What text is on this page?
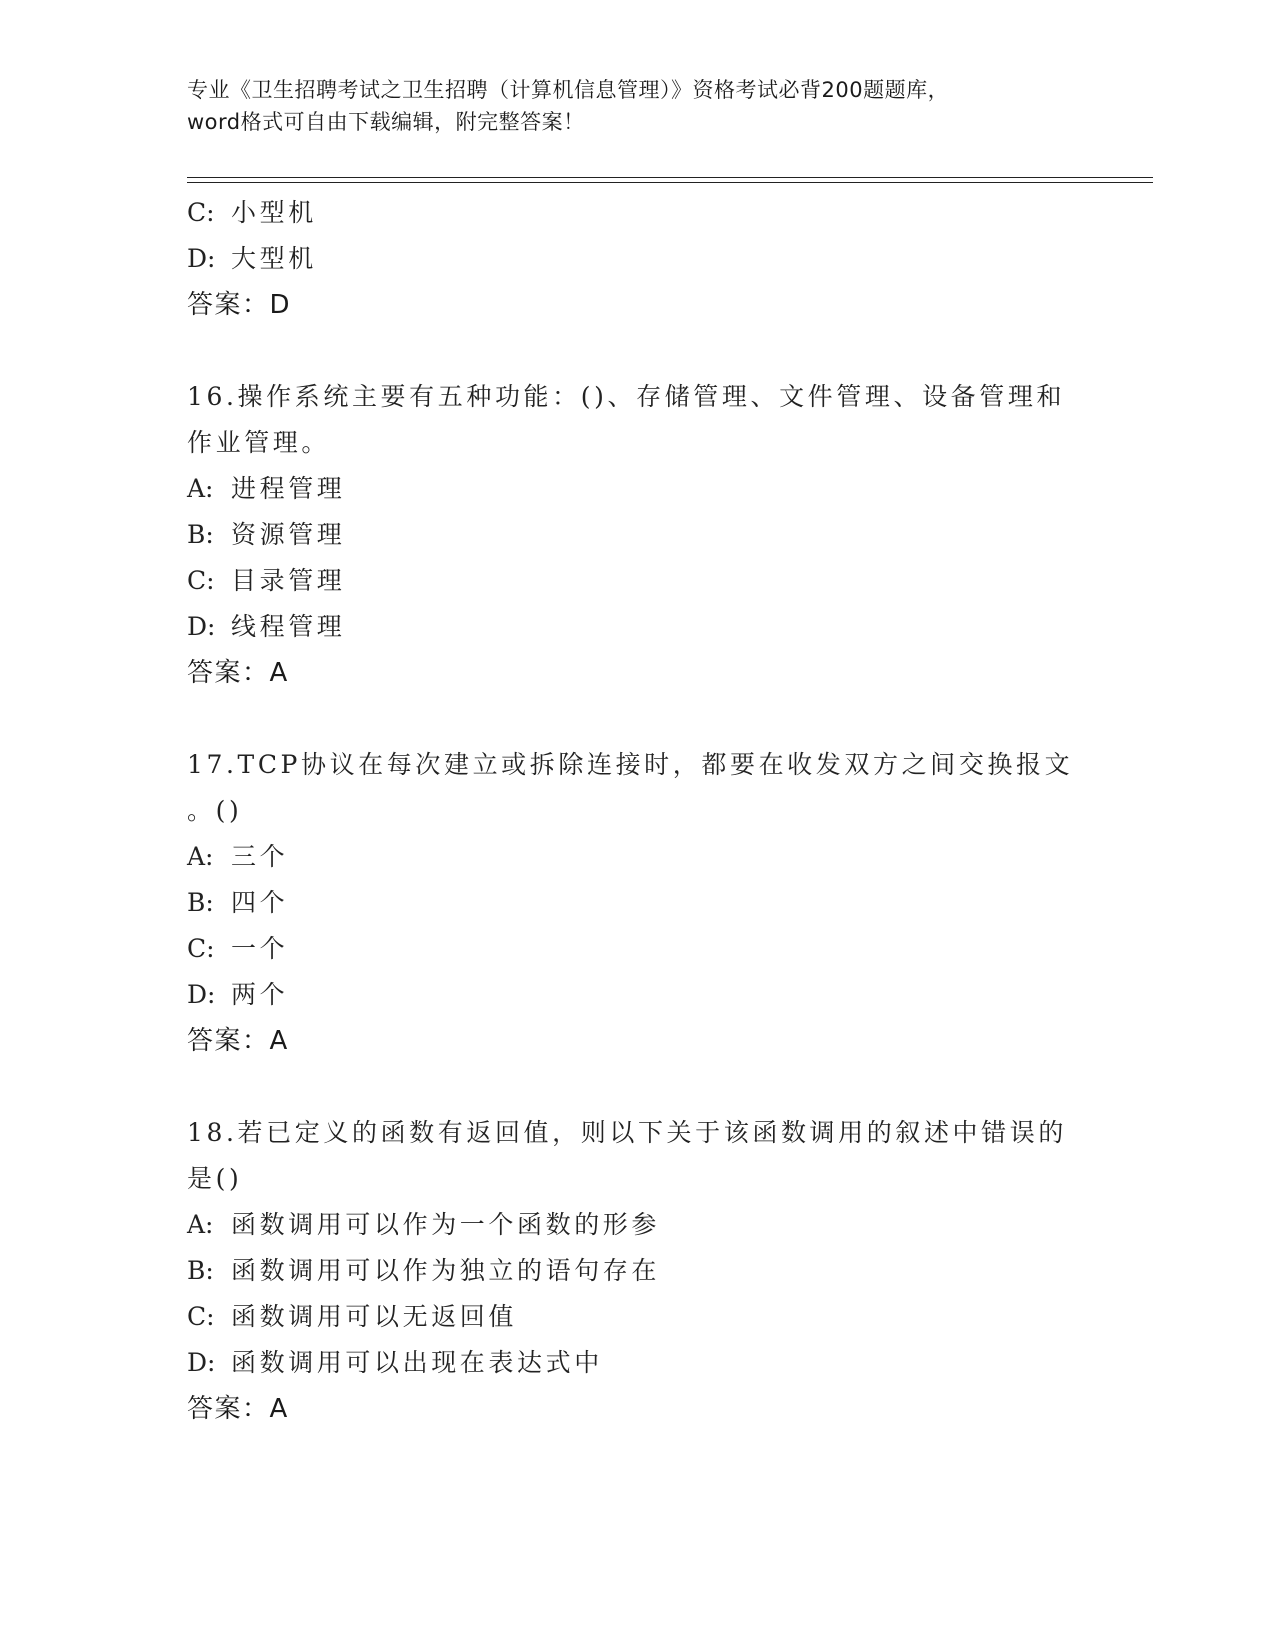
专业《卫生招聘考试之卫生招聘（计算机信息管理）》资格考试必背200题题库，
word格式可自由下载编辑，附完整答案！
C: 小型机
D: 大型机
答案：D
16.操作系统主要有五种功能：()、存储管理、文件管理、设备管理和
作业管理。
A: 进程管理
B: 资源管理
C: 目录管理
D: 线程管理
答案：A
17.TCP协议在每次建立或拆除连接时，都要在收发双方之间交换报文
。()
A: 三个
B: 四个
C: 一个
D: 两个
答案：A
18.若已定义的函数有返回值，则以下关于该函数调用的叙述中错误的
是()
A: 函数调用可以作为一个函数的形参
B: 函数调用可以作为独立的语句存在
C: 函数调用可以无返回值
D: 函数调用可以出现在表达式中
答案：A
